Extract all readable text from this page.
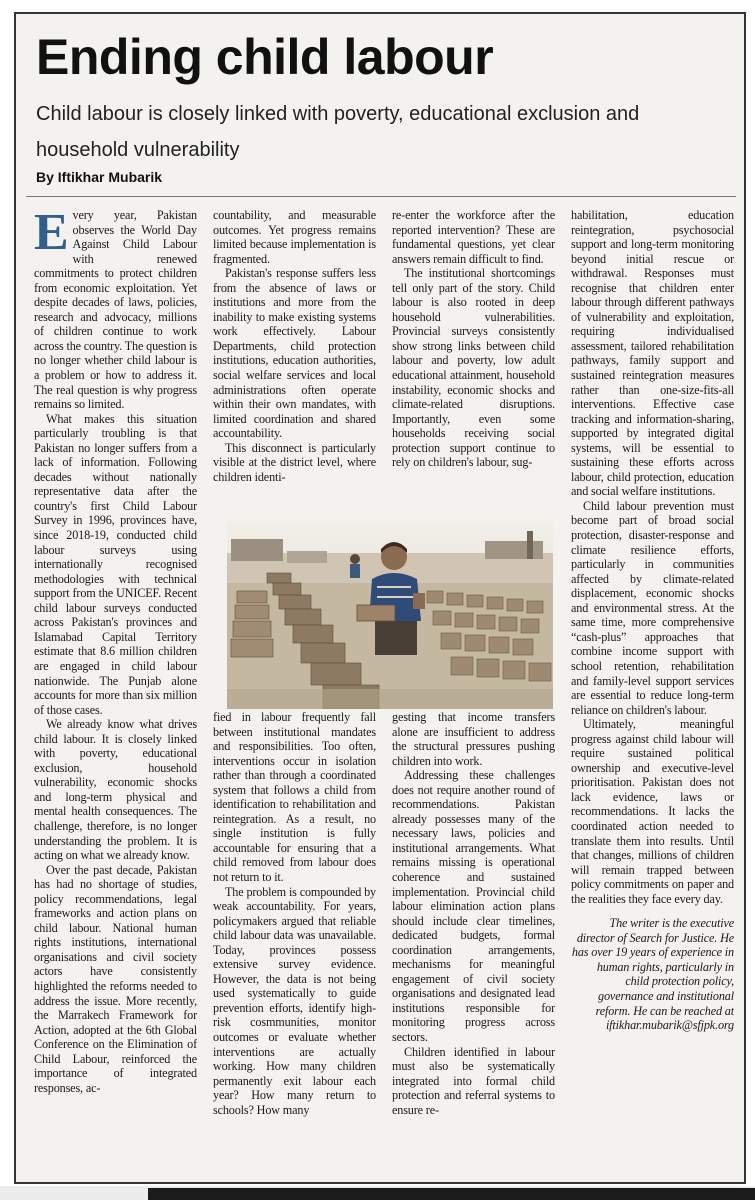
Ending child labour

Child labour is closely linked with poverty, educational exclusion and household vulnerability

By Iftikhar Mubarik

Every year, Pakistan observes the World Day Against Child Labour with renewed commitments to protect children from economic exploitation. Yet despite decades of laws, policies, research and advocacy, millions of children continue to work across the country. The question is no longer whether child labour is a problem or how to address it. The real question is why progress remains so limited.

What makes this situation particularly troubling is that Pakistan no longer suffers from a lack of information. Following decades without nationally representative data after the country's first Child Labour Survey in 1996, provinces have, since 2018-19, conducted child labour surveys using internationally recognised methodologies with technical support from the UNICEF. Recent child labour surveys conducted across Pakistan's provinces and Islamabad Capital Territory estimate that 8.6 million children are engaged in child labour nationwide. The Punjab alone accounts for more than six million of those cases.

We already know what drives child labour. It is closely linked with poverty, educational exclusion, household vulnerability, economic shocks and long-term physical and mental health consequences. The challenge, therefore, is no longer understanding the problem. It is acting on what we already know.

Over the past decade, Pakistan has had no shortage of studies, policy recommendations, legal frameworks and action plans on child labour. National human rights institutions, international organisations and civil society actors have consistently highlighted the reforms needed to address the issue. More recently, the Marrakech Framework for Action, adopted at the 6th Global Conference on the Elimination of Child Labour, reinforced the importance of integrated responses, ac-

countability, and measurable outcomes. Yet progress remains limited because implementation is fragmented.

Pakistan's response suffers less from the absence of laws or institutions and more from the inability to make existing systems work effectively. Labour Departments, child protection institutions, education authorities, social welfare services and local administrations often operate within their own mandates, with limited coordination and shared accountability.

This disconnect is particularly visible at the district level, where children identi-

re-enter the workforce after the reported intervention? These are fundamental questions, yet clear answers remain difficult to find.

The institutional shortcomings tell only part of the story. Child labour is also rooted in deep household vulnerabilities. Provincial surveys consistently show strong links between child labour and poverty, low adult educational attainment, household instability, economic shocks and climate-related disruptions. Importantly, even some households receiving social protection support continue to rely on children's labour, sug-

fied in labour frequently fall between institutional mandates and responsibilities. Too often, interventions occur in isolation rather than through a coordinated system that follows a child from identification to rehabilitation and reintegration. As a result, no single institution is fully accountable for ensuring that a child removed from labour does not return to it.

The problem is compounded by weak accountability. For years, policymakers argued that reliable child labour data was unavailable. Today, provinces possess extensive survey evidence. However, the data is not being used systematically to guide prevention efforts, identify high-risk cosmmunities, monitor outcomes or evaluate whether interventions are actually working. How many children permanently exit labour each year? How many return to schools? How many

gesting that income transfers alone are insufficient to address the structural pressures pushing children into work.

Addressing these challenges does not require another round of recommendations. Pakistan already possesses many of the necessary laws, policies and institutional arrangements. What remains missing is operational coherence and sustained implementation. Provincial child labour elimination action plans should include clear timelines, dedicated budgets, formal coordination arrangements, mechanisms for meaningful engagement of civil society organisations and designated lead institutions responsible for monitoring progress across sectors.

Children identified in labour must also be systematically integrated into formal child protection and referral systems to ensure re-

habilitation, education reintegration, psychosocial support and long-term monitoring beyond initial rescue or withdrawal. Responses must recognise that children enter labour through different pathways of vulnerability and exploitation, requiring individualised assessment, tailored rehabilitation pathways, family support and sustained reintegration measures rather than one-size-fits-all interventions. Effective case tracking and information-sharing, supported by integrated digital systems, will be essential to sustaining these efforts across labour, child protection, education and social welfare institutions.

Child labour prevention must become part of broad social protection, disaster-response and climate resilience efforts, particularly in communities affected by climate-related displacement, economic shocks and environmental stress. At the same time, more comprehensive “cash-plus” approaches that combine income support with school retention, rehabilitation and family-level support services are essential to reduce long-term reliance on children's labour.

Ultimately, meaningful progress against child labour will require sustained political ownership and executive-level prioritisation. Pakistan does not lack evidence, laws or recommendations. It lacks the coordinated action needed to translate them into results. Until that changes, millions of children will remain trapped between policy commitments on paper and the realities they face every day.

The writer is the executive director of Search for Justice. He has over 19 years of experience in human rights, particularly in child protection policy, governance and institutional reform. He can be reached at iftikhar.mubarik@sfjpk.org
